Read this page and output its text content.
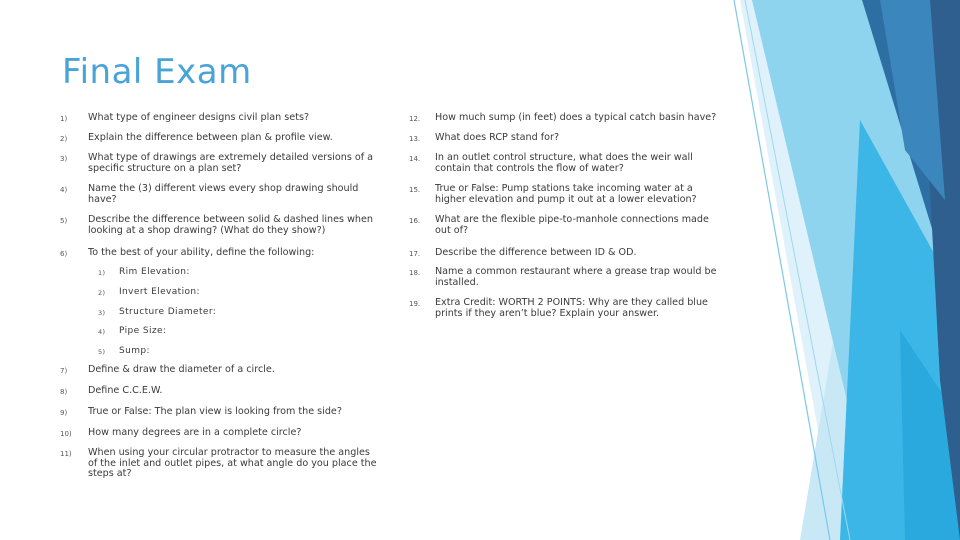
Final Exam
1) What type of engineer designs civil plan sets?
2) Explain the difference between plan & profile view.
3) What type of drawings are extremely detailed versions of a specific structure on a plan set?
4) Name the (3) different views every shop drawing should have?
5) Describe the difference between solid & dashed lines when looking at a shop drawing? (What do they show?)
6) To the best of your ability, define the following:
7) Define & draw the diameter of a circle.
8) Define C.C.E.W.
9) True or False: The plan view is looking from the side?
10) How many degrees are in a complete circle?
11) When using your circular protractor to measure the angles of the inlet and outlet pipes, at what angle do you place the steps at?
1) Rim Elevation:
2) Invert Elevation:
3) Structure Diameter:
4) Pipe Size:
5) Sump:
12. How much sump (in feet) does a typical catch basin have?
13. What does RCP stand for?
14. In an outlet control structure, what does the weir wall contain that controls the flow of water?
15. True or False: Pump stations take incoming water at a higher elevation and pump it out at a lower elevation?
16. What are the flexible pipe-to-manhole connections made out of?
17. Describe the difference between ID & OD.
18. Name a common restaurant where a grease trap would be installed.
19. Extra Credit: WORTH 2 POINTS: Why are they called blue prints if they aren’t blue? Explain your answer.
